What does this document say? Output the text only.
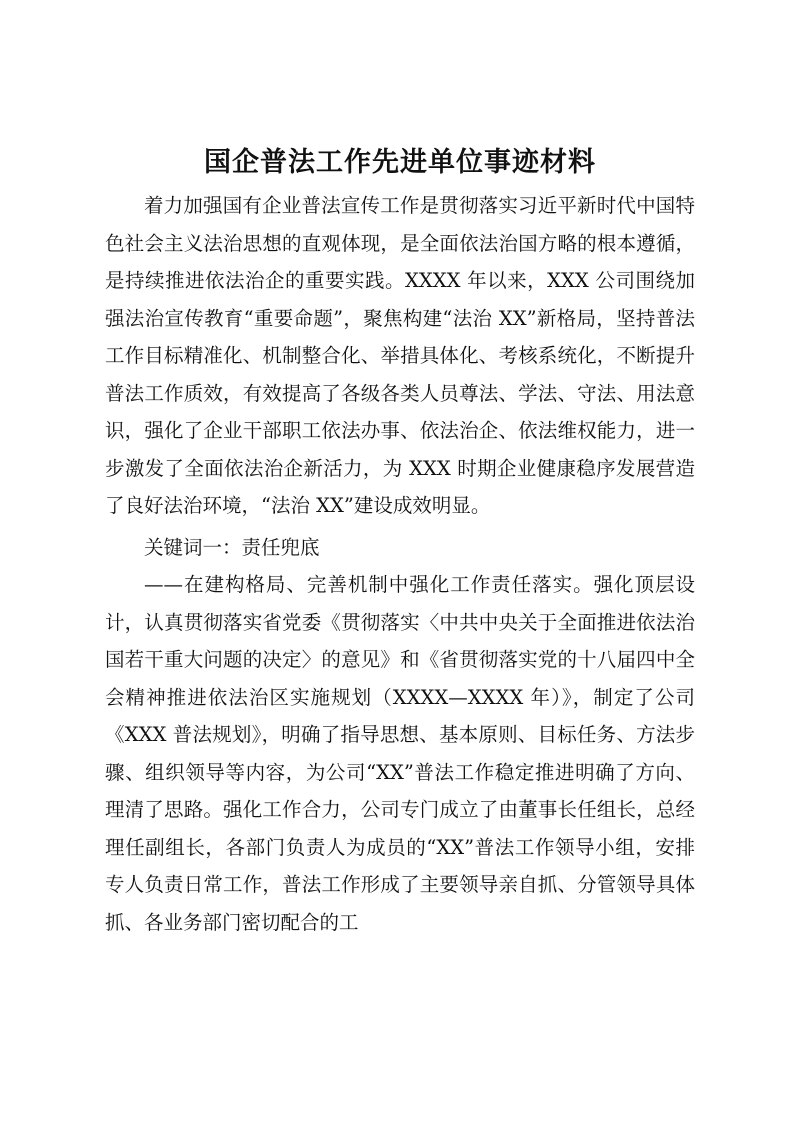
国企普法工作先进单位事迹材料

着力加强国有企业普法宣传工作是贯彻落实习近平新时代中国特色社会主义法治思想的直观体现，是全面依法治国方略的根本遵循，是持续推进依法治企的重要实践。XXXX 年以来，XXX 公司围绕加强法治宣传教育“重要命题”，聚焦构建“法治 XX”新格局，坚持普法工作目标精准化、机制整合化、举措具体化、考核系统化，不断提升普法工作质效，有效提高了各级各类人员尊法、学法、守法、用法意识，强化了企业干部职工依法办事、依法治企、依法维权能力，进一步激发了全面依法治企新活力，为 XXX 时期企业健康稳序发展营造了良好法治环境，“法治 XX”建设成效明显。

关键词一：责任兜底

——在建构格局、完善机制中强化工作责任落实。强化顶层设计，认真贯彻落实省党委《贯彻落实〈中共中央关于全面推进依法治国若干重大问题的决定〉的意见》和《省贯彻落实党的十八届四中全会精神推进依法治区实施规划（XXXX—XXXX 年）》，制定了公司《XXX 普法规划》，明确了指导思想、基本原则、目标任务、方法步骤、组织领导等内容，为公司“XX”普法工作稳定推进明确了方向、理清了思路。强化工作合力，公司专门成立了由董事长任组长，总经理任副组长，各部门负责人为成员的“XX”普法工作领导小组，安排专人负责日常工作，普法工作形成了主要领导亲自抓、分管领导具体抓、各业务部门密切配合的工
